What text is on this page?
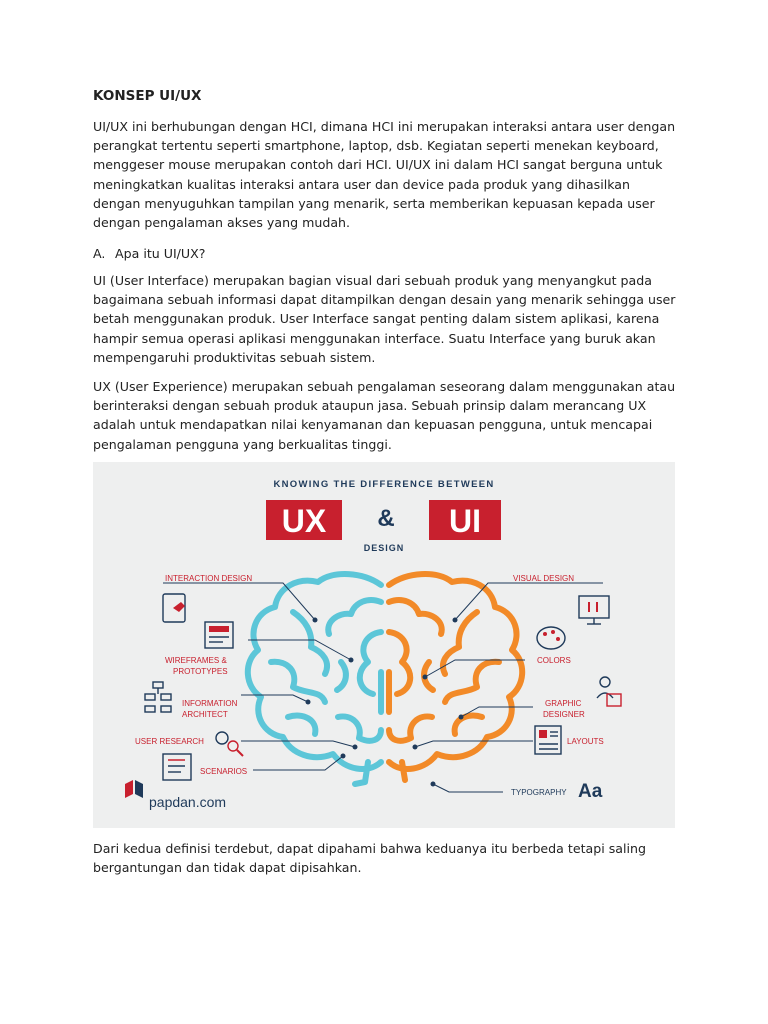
KONSEP UI/UX

UI/UX ini berhubungan dengan HCI, dimana HCI ini merupakan interaksi antara user dengan perangkat tertentu seperti smartphone, laptop, dsb. Kegiatan seperti menekan keyboard, menggeser mouse merupakan contoh dari HCI. UI/UX ini dalam HCI sangat berguna untuk meningkatkan kualitas interaksi antara user dan device pada produk yang dihasilkan dengan menyuguhkan tampilan yang menarik, serta memberikan kepuasan kepada user dengan pengalaman akses yang mudah.

A. Apa itu UI/UX?

UI (User Interface) merupakan bagian visual dari sebuah produk yang menyangkut pada bagaimana sebuah informasi dapat ditampilkan dengan desain yang menarik sehingga user betah menggunakan produk. User Interface sangat penting dalam sistem aplikasi, karena hampir semua operasi aplikasi menggunakan interface. Suatu Interface yang buruk akan mempengaruhi produktivitas sebuah sistem.

UX (User Experience) merupakan sebuah pengalaman seseorang dalam menggunakan atau berinteraksi dengan sebuah produk ataupun jasa. Sebuah prinsip dalam merancang UX adalah untuk mendapatkan nilai kenyamanan dan kepuasan pengguna, untuk mencapai pengalaman pengguna yang berkualitas tinggi.

Dari kedua definisi terdebut, dapat dipahami bahwa keduanya itu berbeda tetapi saling bergantungan dan tidak dapat dipisahkan.

KNOWING THE DIFFERENCE BETWEEN
UX & UI
DESIGN
INTERACTION DESIGN
WIREFRAMES &
PROTOTYPES
INFORMATION
ARCHITECT
USER RESEARCH
SCENARIOS
VISUAL DESIGN
COLORS
GRAPHIC
DESIGNER
LAYOUTS
TYPOGRAPHY Aa
papdan.com
